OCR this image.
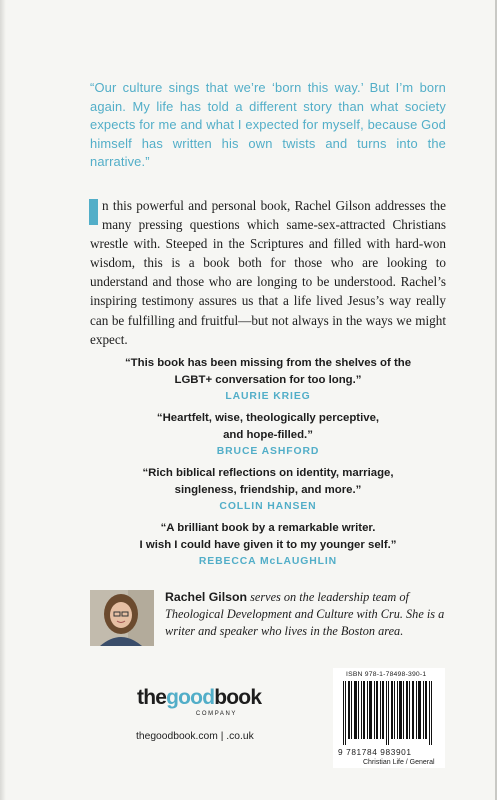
“Our culture sings that we’re ‘born this way.’ But I’m born again. My life has told a different story than what society expects for me and what I expected for myself, because God himself has written his own twists and turns into the narrative.”

n this powerful and personal book, Rachel Gilson addresses the many pressing questions which same-sex-attracted Christians wrestle with. Steeped in the Scriptures and filled with hard-won wisdom, this is a book both for those who are looking to understand and those who are longing to be understood. Rachel’s inspiring testimony assures us that a life lived Jesus’s way really can be fulfilling and fruitful—but not always in the ways we might expect.

“This book has been missing from the shelves of the
LGBT+ conversation for too long.”
LAURIE KRIEG
“Heartfelt, wise, theologically perceptive,
and hope-filled.”
BRUCE ASHFORD
“Rich biblical reflections on identity, marriage,
singleness, friendship, and more.”
COLLIN HANSEN
“A brilliant book by a remarkable writer.
I wish I could have given it to my younger self.”
REBECCA McLAUGHLIN

Rachel Gilson serves on the leadership team of Theological Development and Culture with Cru. She is a writer and speaker who lives in the Boston area.

thegoodbook
COMPANY
thegoodbook.com | .co.uk
ISBN 978-1-78498-390-1
9 781784 983901
Christian Life / General
